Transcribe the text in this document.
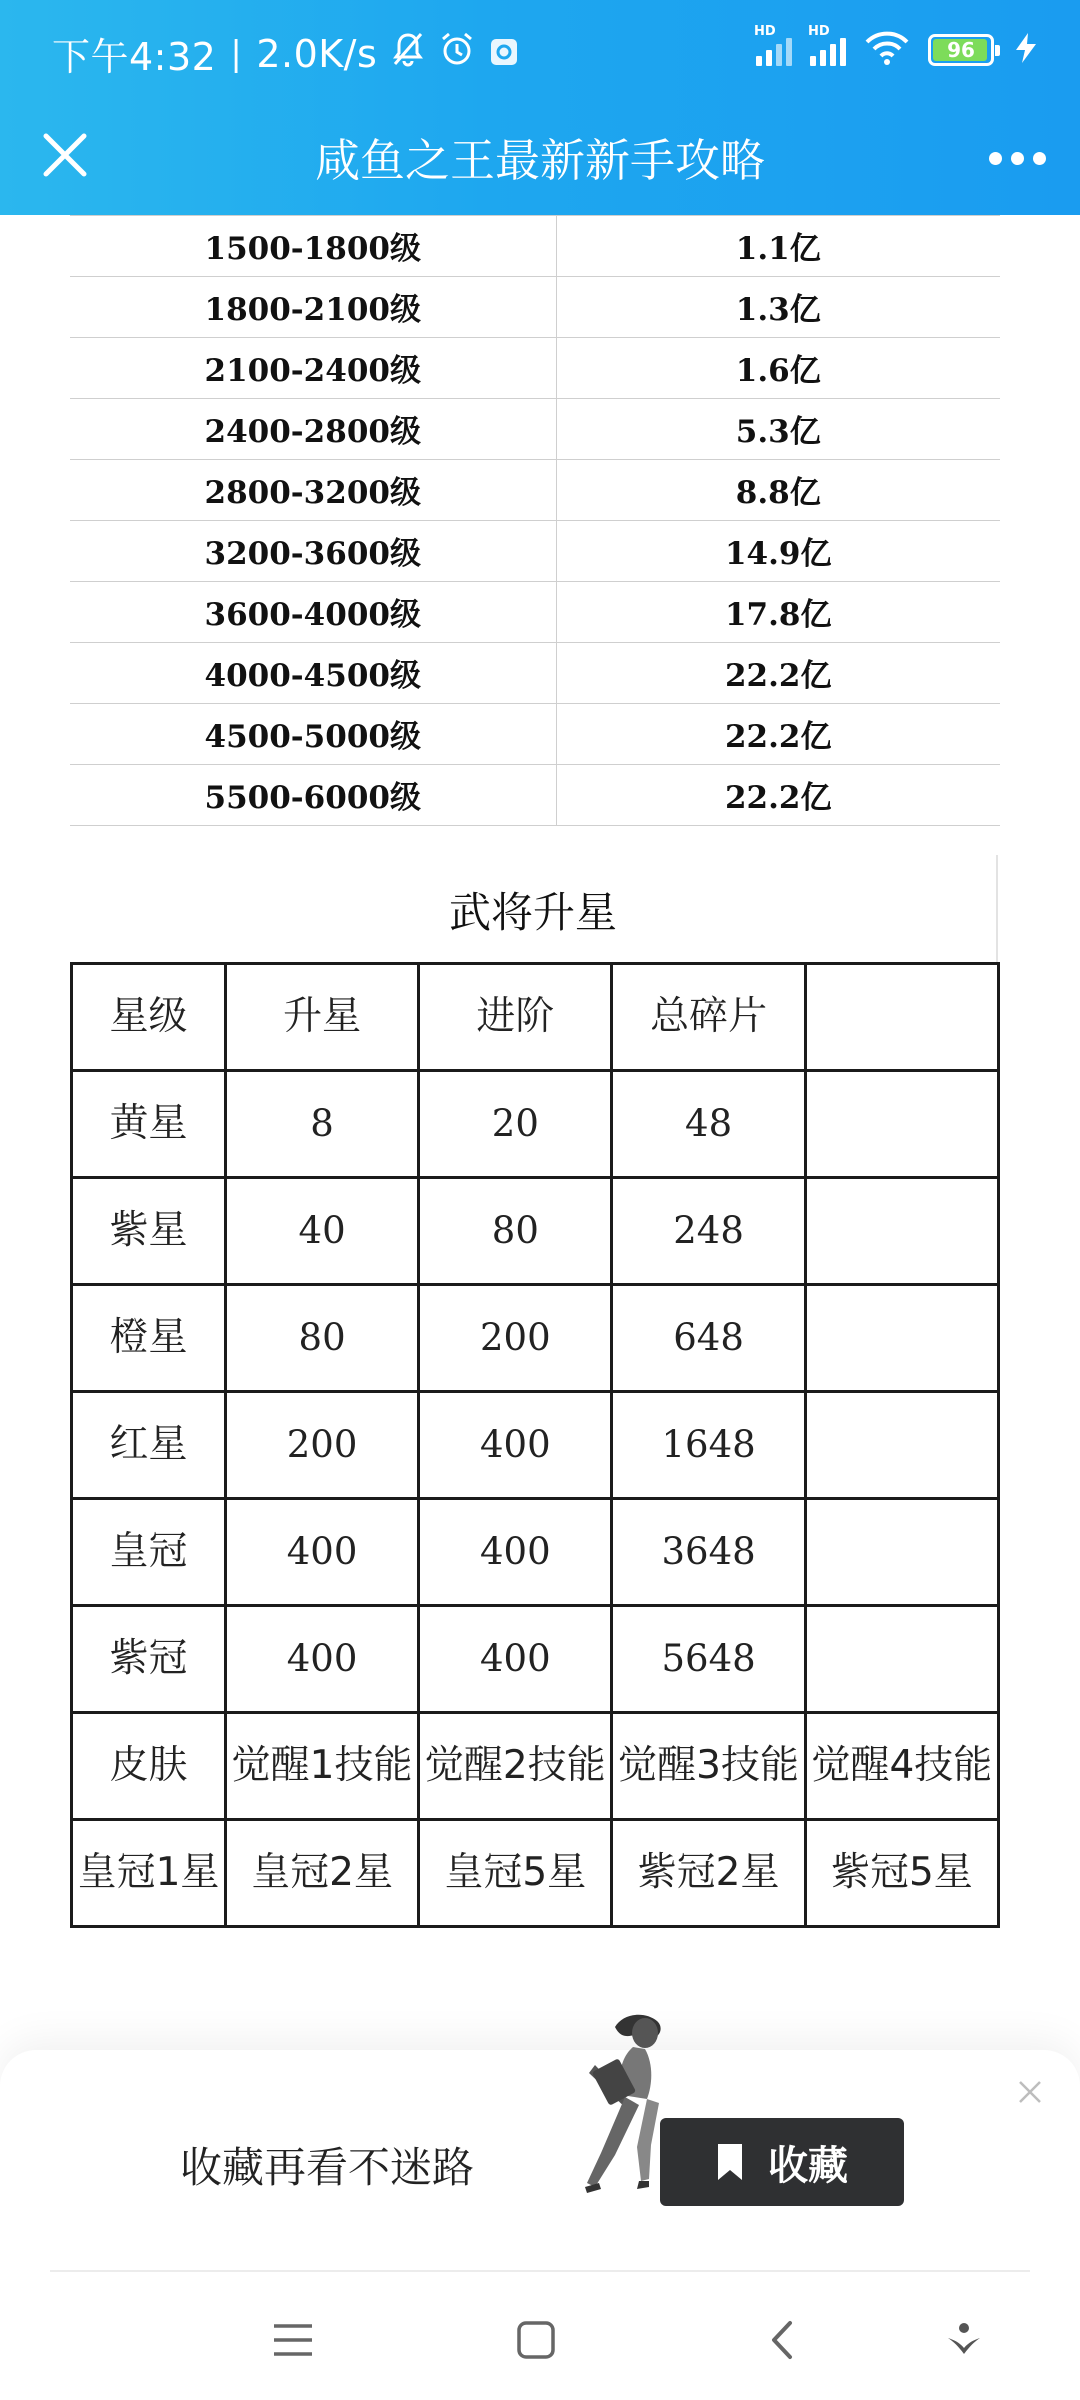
下午4:32 | 2.0K/s	HD HD
96
咸鱼之王最新新手攻略

1500-1800级	1.1亿
1800-2100级	1.3亿
2100-2400级	1.6亿
2400-2800级	5.3亿
2800-3200级	8.8亿
3200-3600级	14.9亿
3600-4000级	17.8亿
4000-4500级	22.2亿
4500-5000级	22.2亿
5500-6000级	22.2亿
武将升星
星级	升星	进阶	总碎片	
黄星	8	20	48	
紫星	40	80	248	
橙星	80	200	648	
红星	200	400	1648	
皇冠	400	400	3648	
紫冠	400	400	5648	
皮肤	觉醒1技能	觉醒2技能	觉醒3技能	觉醒4技能
皇冠1星	皇冠2星	皇冠5星	紫冠2星	紫冠5星
收藏再看不迷路	收藏
